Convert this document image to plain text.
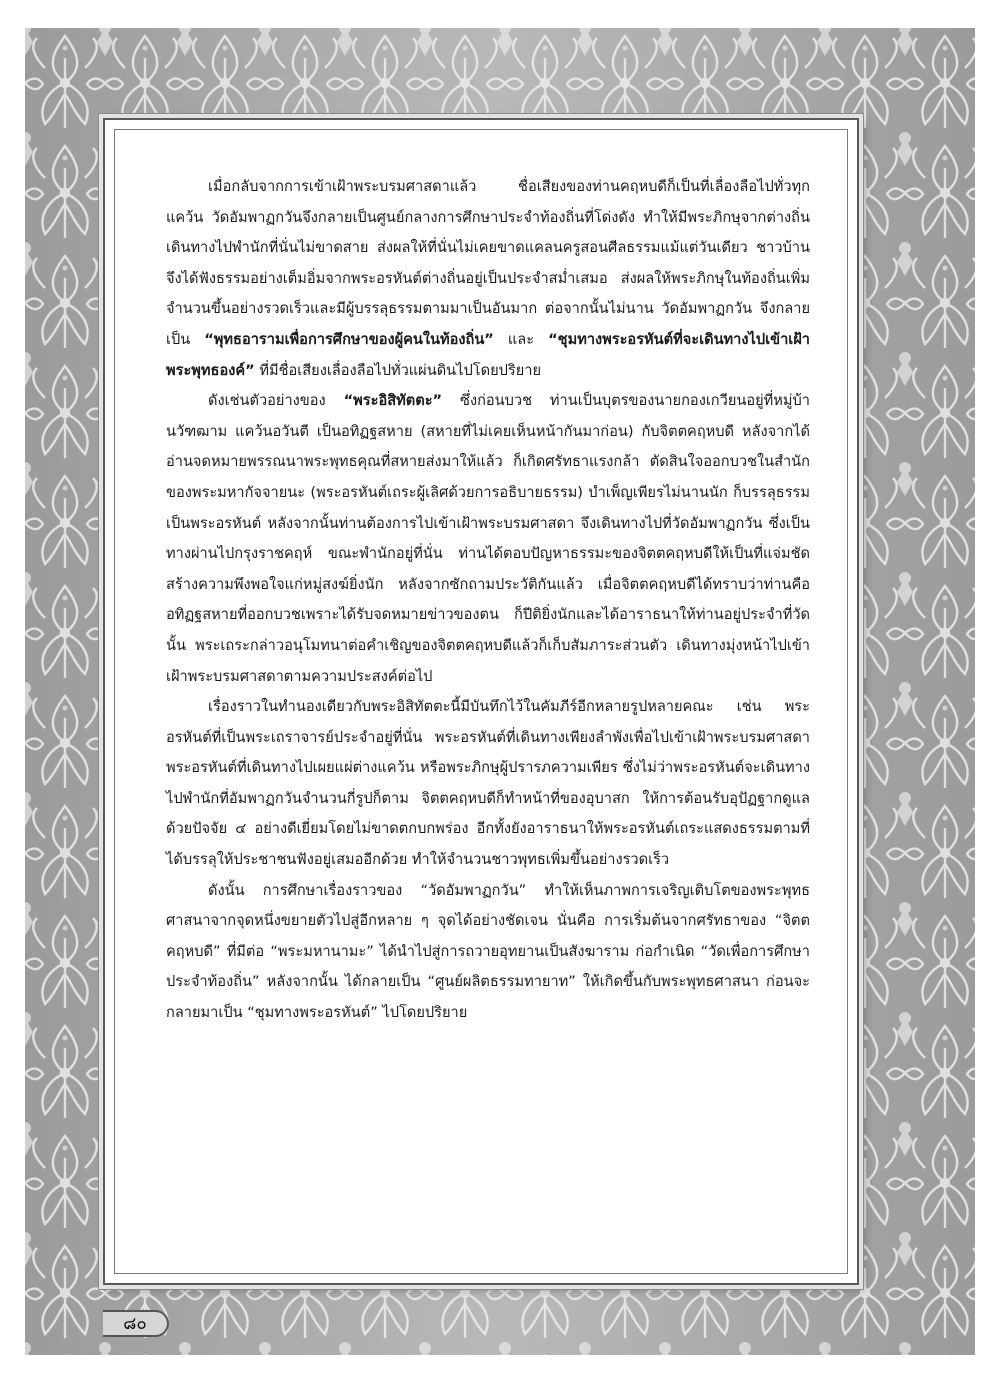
เมื่อกลับจากการเข้าเฝ้าพระบรมศาสดาแล้ว ชื่อเสียงของท่านคฤหบดีก็เป็นที่เลื่องลือไปทั่วทุกแคว้น วัดอัมพาฏกวันจึงกลายเป็นศูนย์กลางการศึกษาประจำท้องถิ่นที่โด่งดัง ทำให้มีพระภิกษุจากต่างถิ่นเดินทางไปพำนักที่นั่นไม่ขาดสาย ส่งผลให้ที่นั่นไม่เคยขาดแคลนครูสอนศีลธรรมแม้แต่วันเดียว ชาวบ้านจึงได้ฟังธรรมอย่างเต็มอิ่มจากพระอรหันต์ต่างถิ่นอยู่เป็นประจำสม่ำเสมอ ส่งผลให้พระภิกษุในท้องถิ่นเพิ่มจำนวนขึ้นอย่างรวดเร็วและมีผู้บรรลุธรรมตามมาเป็นอันมาก ต่อจากนั้นไม่นาน วัดอัมพาฏกวัน จึงกลายเป็น “พุทธอารามเพื่อการศึกษาของผู้คนในท้องถิ่น” และ “ชุมทางพระอรหันต์ที่จะเดินทางไปเข้าเฝ้าพระพุทธองค์” ที่มีชื่อเสียงเลื่องลือไปทั่วแผ่นดินไปโดยปริยาย

ดังเช่นตัวอย่างของ “พระอิสิทัตตะ” ซึ่งก่อนบวช ท่านเป็นบุตรของนายกองเกวียนอยู่ที่หมู่บ้านวัฑฒาม แคว้นอวันตี เป็นอทิฏฐสหาย (สหายที่ไม่เคยเห็นหน้ากันมาก่อน) กับจิตตคฤหบดี หลังจากได้อ่านจดหมายพรรณนาพระพุทธคุณที่สหายส่งมาให้แล้ว ก็เกิดศรัทธาแรงกล้า ตัดสินใจออกบวชในสำนักของพระมหากัจจายนะ (พระอรหันต์เถระผู้เลิศด้วยการอธิบายธรรม) บำเพ็ญเพียรไม่นานนัก ก็บรรลุธรรมเป็นพระอรหันต์ หลังจากนั้นท่านต้องการไปเข้าเฝ้าพระบรมศาสดา จึงเดินทางไปที่วัดอัมพาฏกวัน ซึ่งเป็นทางผ่านไปกรุงราชคฤห์ ขณะพำนักอยู่ที่นั่น ท่านได้ตอบปัญหาธรรมะของจิตตคฤหบดีให้เป็นที่แจ่มชัด สร้างความพึงพอใจแก่หมู่สงฆ์ยิ่งนัก หลังจากซักถามประวัติกันแล้ว เมื่อจิตตคฤหบดีได้ทราบว่าท่านคืออทิฏฐสหายที่ออกบวชเพราะได้รับจดหมายข่าวของตน ก็ปีติยิ่งนักและได้อาราธนาให้ท่านอยู่ประจำที่วัดนั้น พระเถระกล่าวอนุโมทนาต่อคำเชิญของจิตตคฤหบดีแล้วก็เก็บสัมภาระส่วนตัว เดินทางมุ่งหน้าไปเข้าเฝ้าพระบรมศาสดาตามความประสงค์ต่อไป

เรื่องราวในทำนองเดียวกับพระอิสิทัตตะนี้มีบันทึกไว้ในคัมภีร์อีกหลายรูปหลายคณะ เช่น พระอรหันต์ที่เป็นพระเถราจารย์ประจำอยู่ที่นั่น พระอรหันต์ที่เดินทางเพียงลำพังเพื่อไปเข้าเฝ้าพระบรมศาสดา พระอรหันต์ที่เดินทางไปเผยแผ่ต่างแคว้น หรือพระภิกษุผู้ปรารภความเพียร ซึ่งไม่ว่าพระอรหันต์จะเดินทางไปพำนักที่อัมพาฏกวันจำนวนกี่รูปก็ตาม จิตตคฤหบดีก็ทำหน้าที่ของอุบาสก ให้การต้อนรับอุปัฏฐากดูแลด้วยปัจจัย ๔ อย่างดีเยี่ยมโดยไม่ขาดตกบกพร่อง อีกทั้งยังอาราธนาให้พระอรหันต์เถระแสดงธรรมตามที่ได้บรรลุให้ประชาชนฟังอยู่เสมออีกด้วย ทำให้จำนวนชาวพุทธเพิ่มขึ้นอย่างรวดเร็ว

ดังนั้น การศึกษาเรื่องราวของ “วัดอัมพาฏกวัน” ทำให้เห็นภาพการเจริญเติบโตของพระพุทธศาสนาจากจุดหนึ่งขยายตัวไปสู่อีกหลาย ๆ จุดได้อย่างชัดเจน นั่นคือ การเริ่มต้นจากศรัทธาของ “จิตตคฤหบดี” ที่มีต่อ “พระมหานามะ” ได้นำไปสู่การถวายอุทยานเป็นสังฆาราม ก่อกำเนิด “วัดเพื่อการศึกษาประจำท้องถิ่น” หลังจากนั้น ได้กลายเป็น “ศูนย์ผลิตธรรมทายาท” ให้เกิดขึ้นกับพระพุทธศาสนา ก่อนจะกลายมาเป็น “ชุมทางพระอรหันต์” ไปโดยปริยาย

๘๐
